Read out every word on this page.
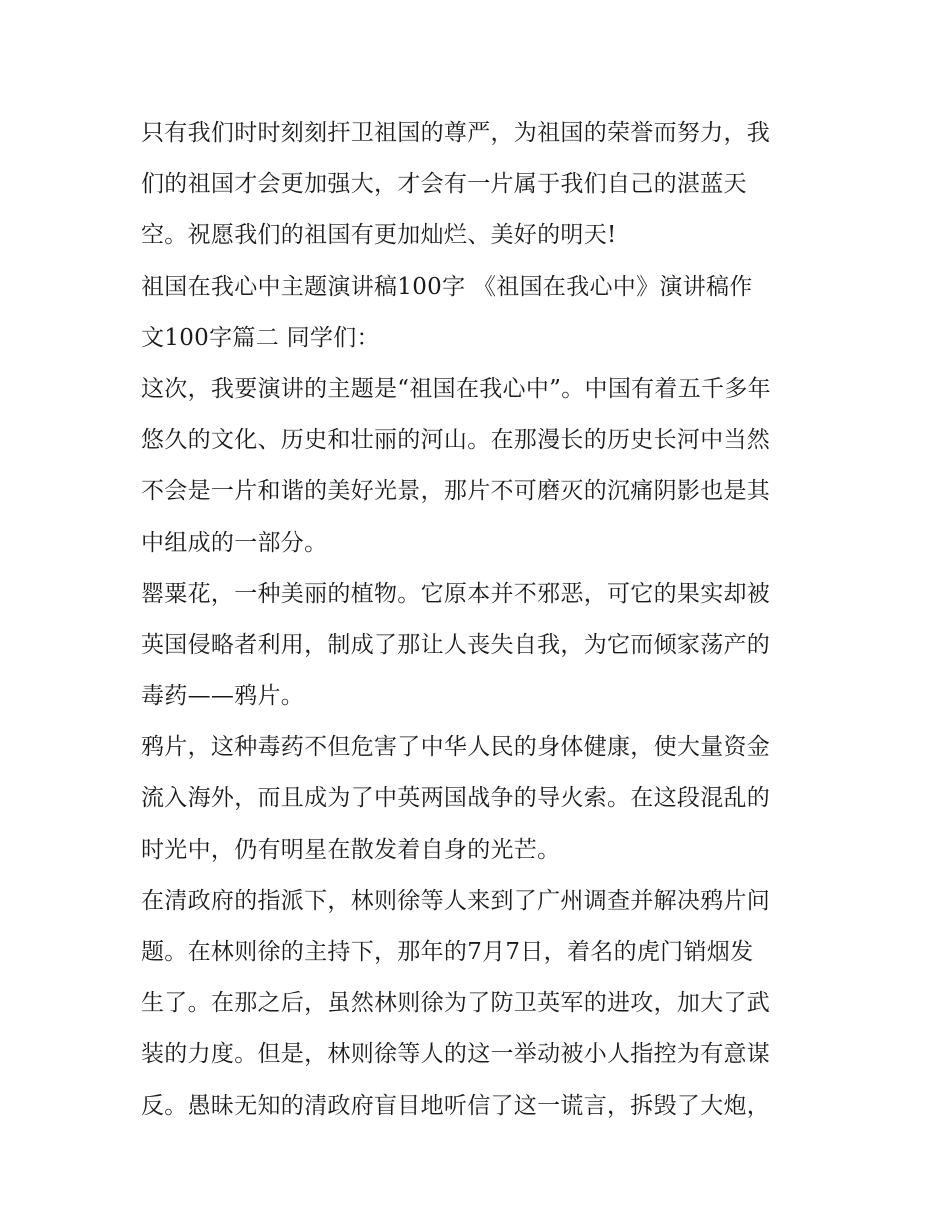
只有我们时时刻刻扞卫祖国的尊严，为祖国的荣誉而努力，我
们的祖国才会更加强大，才会有一片属于我们自己的湛蓝天
空。祝愿我们的祖国有更加灿烂、美好的明天!
祖国在我心中主题演讲稿100字 《祖国在我心中》演讲稿作
文100字篇二 同学们：
这次，我要演讲的主题是“祖国在我心中”。中国有着五千多年
悠久的文化、历史和壮丽的河山。在那漫长的历史长河中当然
不会是一片和谐的美好光景，那片不可磨灭的沉痛阴影也是其
中组成的一部分。
罂粟花，一种美丽的植物。它原本并不邪恶，可它的果实却被
英国侵略者利用，制成了那让人丧失自我，为它而倾家荡产的
毒药——鸦片。
鸦片，这种毒药不但危害了中华人民的身体健康，使大量资金
流入海外，而且成为了中英两国战争的导火索。在这段混乱的
时光中，仍有明星在散发着自身的光芒。
在清政府的指派下，林则徐等人来到了广州调查并解决鸦片问
题。在林则徐的主持下，那年的7月7日，着名的虎门销烟发
生了。在那之后，虽然林则徐为了防卫英军的进攻，加大了武
装的力度。但是，林则徐等人的这一举动被小人指控为有意谋
反。愚昧无知的清政府盲目地听信了这一谎言，拆毁了大炮，
